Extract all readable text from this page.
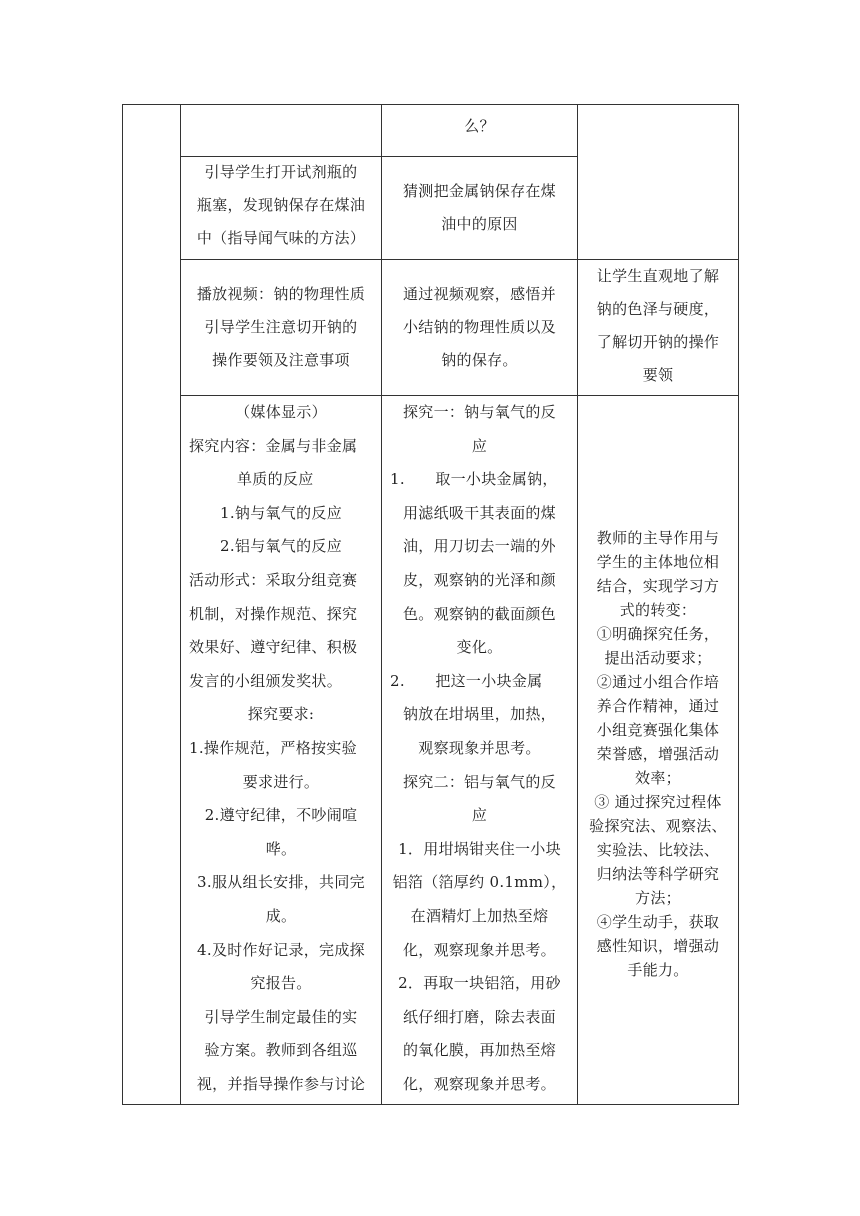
么？
引导学生打开试剂瓶的
瓶塞，发现钠保存在煤油
中（指导闻气味的方法）
猜测把金属钠保存在煤
油中的原因
播放视频：钠的物理性质
引导学生注意切开钠的
操作要领及注意事项
通过视频观察，感悟并
小结钠的物理性质以及
钠的保存。
让学生直观地了解
钠的色泽与硬度，
了解切开钠的操作
要领
（媒体显示）
探究内容：金属与非金属
单质的反应
1.钠与氧气的反应
2.铝与氧气的反应
活动形式：采取分组竞赛
机制，对操作规范、探究
效果好、遵守纪律、积极
发言的小组颁发奖状。
探究要求:
1.操作规范，严格按实验
要求进行。
2.遵守纪律，不吵闹喧
哗。
3.服从组长安排，共同完
成。
4.及时作好记录，完成探
究报告。
引导学生制定最佳的实
验方案。教师到各组巡
视，并指导操作参与讨论
探究一：钠与氧气的反
应
1.      取一小块金属钠，
用滤纸吸干其表面的煤
油，用刀切去一端的外
皮，观察钠的光泽和颜
色。观察钠的截面颜色
变化。
2.      把这一小块金属
钠放在坩埚里，加热，
观察现象并思考。
探究二：铝与氧气的反
应
1．用坩埚钳夹住一小块
铝箔（箔厚约 0.1mm），
在酒精灯上加热至熔
化，观察现象并思考。
2．再取一块铝箔，用砂
纸仔细打磨，除去表面
的氧化膜，再加热至熔
化，观察现象并思考。
教师的主导作用与
学生的主体地位相
结合，实现学习方
式的转变：
①明确探究任务，
提出活动要求；
②通过小组合作培
养合作精神，通过
小组竞赛强化集体
荣誉感，增强活动
效率；
③ 通过探究过程体
验探究法、观察法、
实验法、比较法、
归纳法等科学研究
方法；
④学生动手，获取
感性知识，增强动
手能力。
